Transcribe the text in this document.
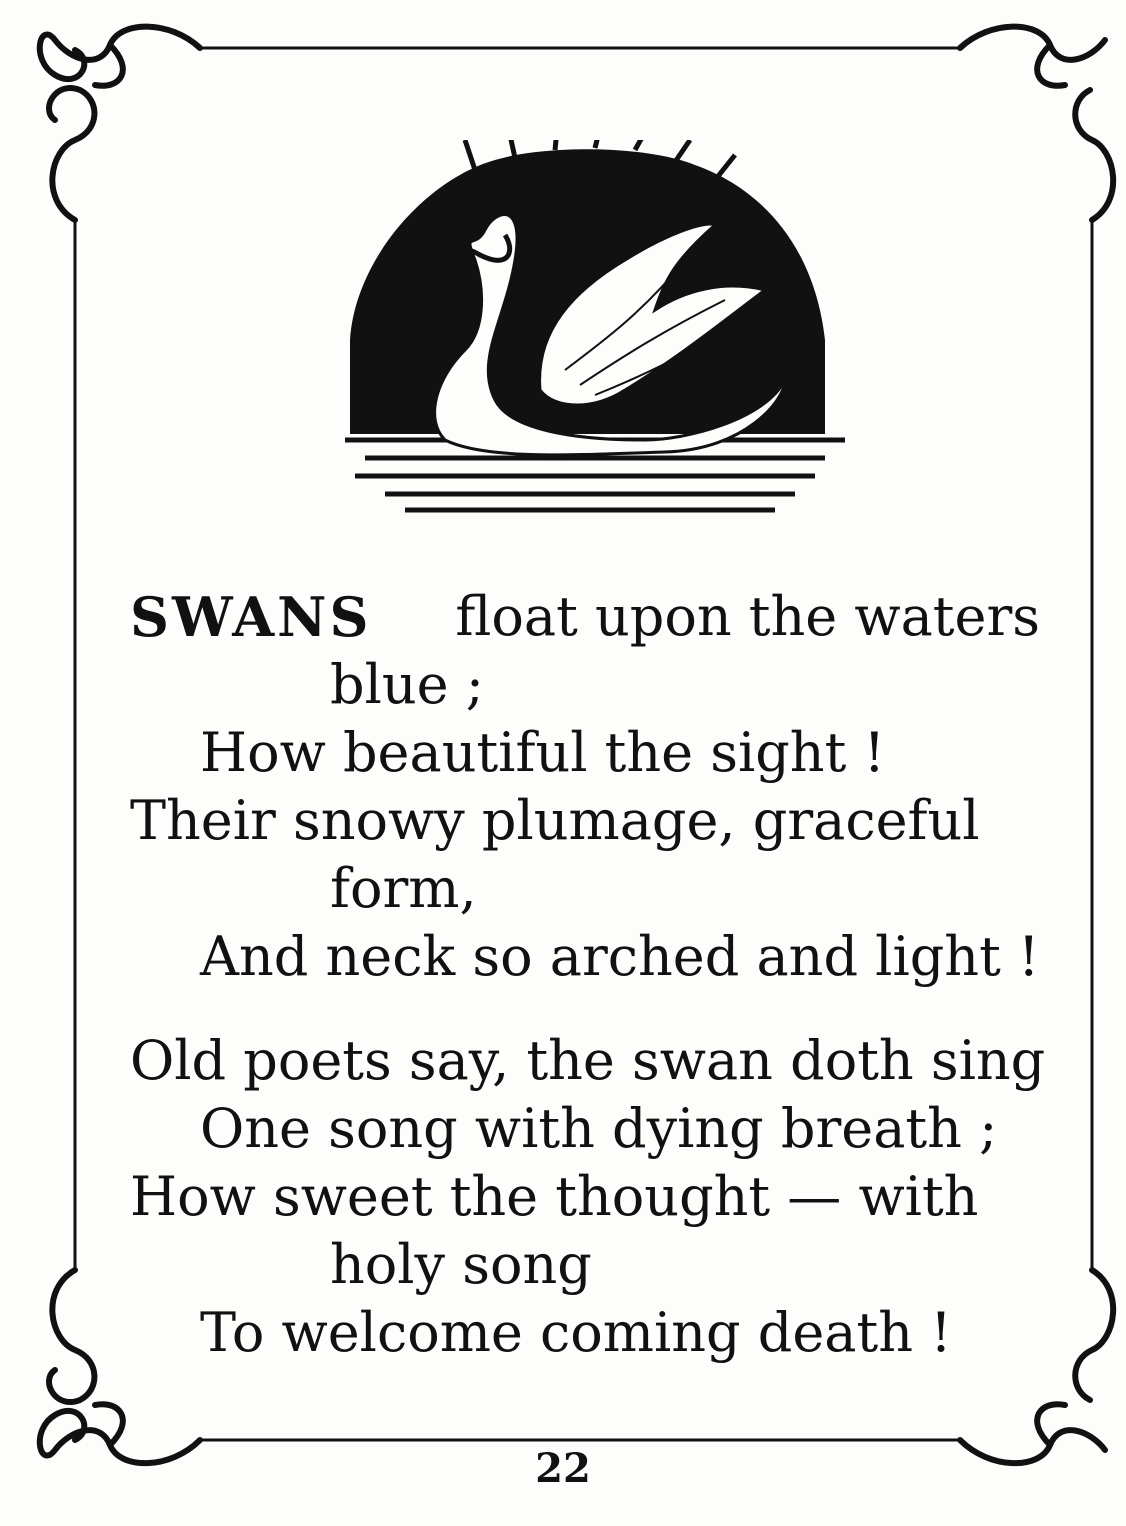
SWANS float upon the waters
blue ;
How beautiful the sight !
Their snowy plumage, graceful
form,
And neck so arched and light !
Old poets say, the swan doth sing
One song with dying breath ;
How sweet the thought — with
holy song
To welcome coming death !
22
